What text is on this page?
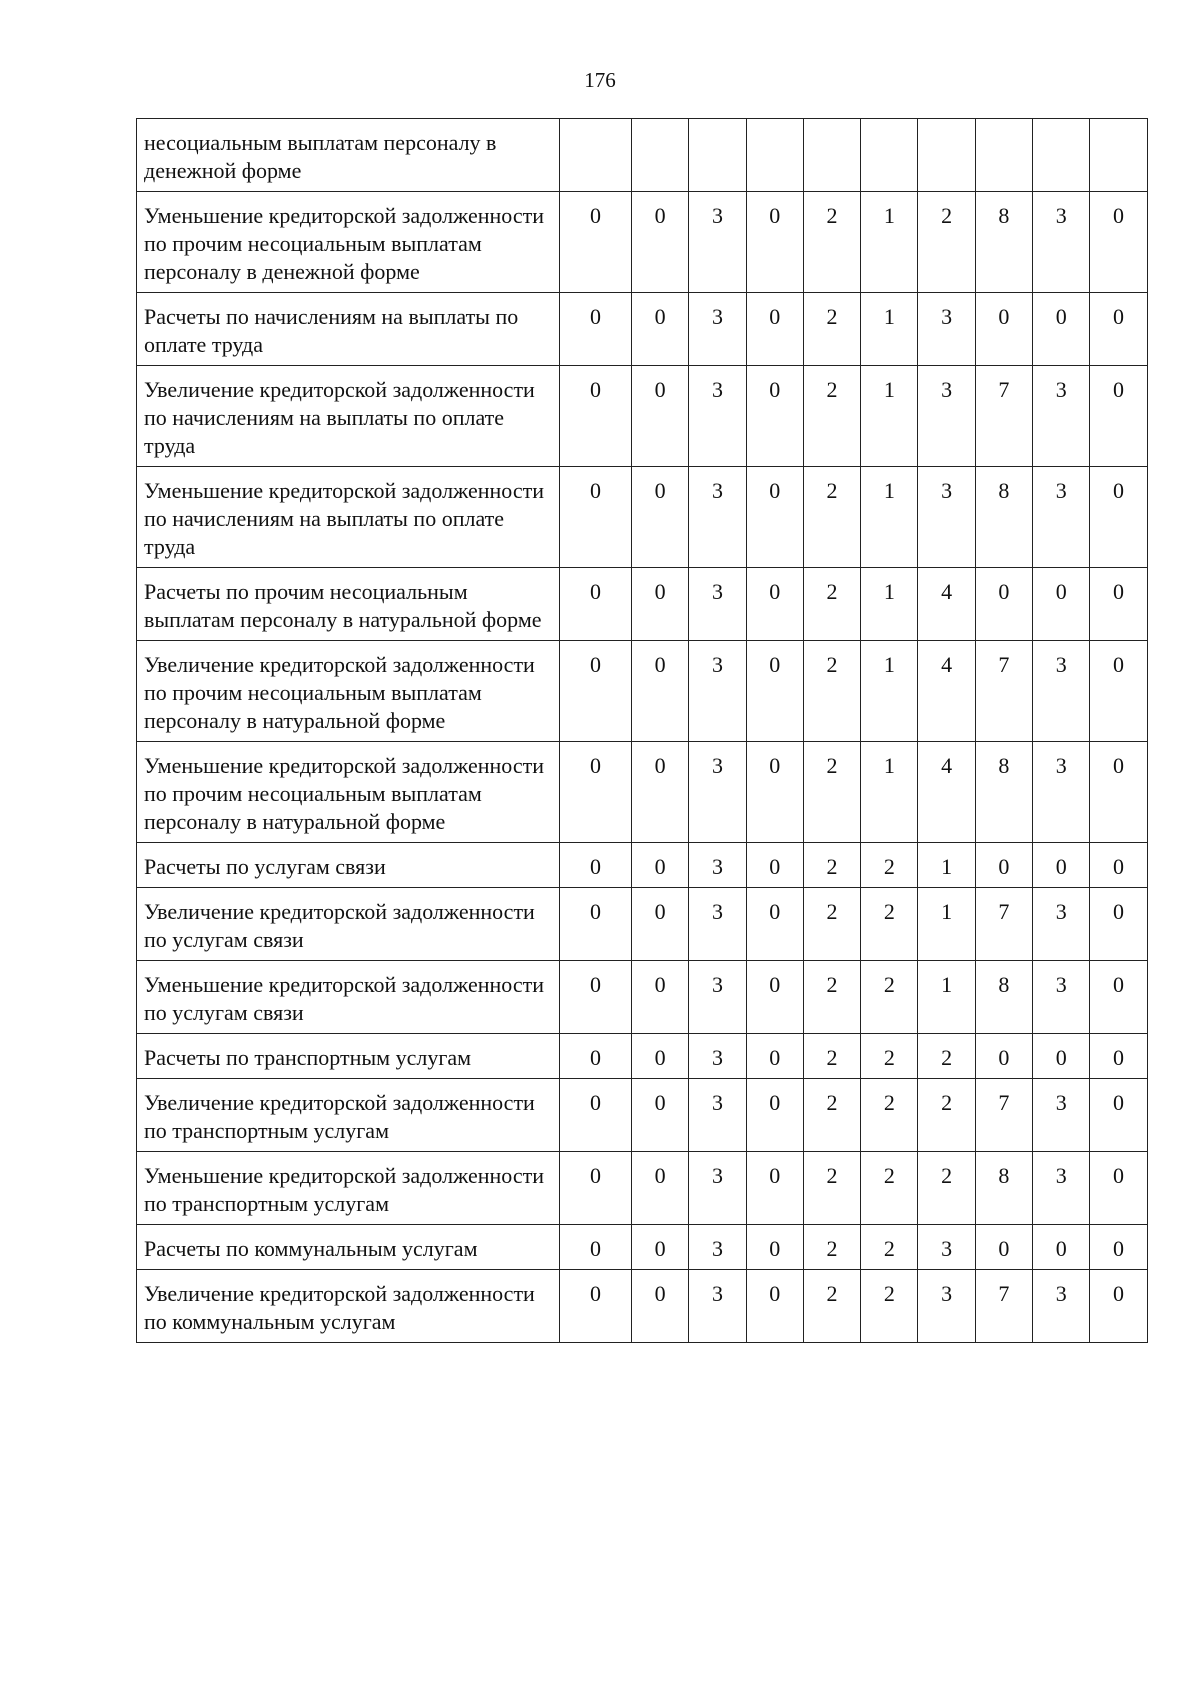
176
несоциальным выплатам персоналу в денежной форме										
Уменьшение кредиторской задолженности по прочим несоциальным выплатам персоналу в денежной форме	0	0	3	0	2	1	2	8	3	0
Расчеты по начислениям на выплаты по оплате труда	0	0	3	0	2	1	3	0	0	0
Увеличение кредиторской задолженности по начислениям на выплаты по оплате труда	0	0	3	0	2	1	3	7	3	0
Уменьшение кредиторской задолженности по начислениям на выплаты по оплате труда	0	0	3	0	2	1	3	8	3	0
Расчеты по прочим несоциальным выплатам персоналу в натуральной форме	0	0	3	0	2	1	4	0	0	0
Увеличение кредиторской задолженности по прочим несоциальным выплатам персоналу в натуральной форме	0	0	3	0	2	1	4	7	3	0
Уменьшение кредиторской задолженности по прочим несоциальным выплатам персоналу в натуральной форме	0	0	3	0	2	1	4	8	3	0
Расчеты по услугам связи	0	0	3	0	2	2	1	0	0	0
Увеличение кредиторской задолженности по услугам связи	0	0	3	0	2	2	1	7	3	0
Уменьшение кредиторской задолженности по услугам связи	0	0	3	0	2	2	1	8	3	0
Расчеты по транспортным услугам	0	0	3	0	2	2	2	0	0	0
Увеличение кредиторской задолженности по транспортным услугам	0	0	3	0	2	2	2	7	3	0
Уменьшение кредиторской задолженности по транспортным услугам	0	0	3	0	2	2	2	8	3	0
Расчеты по коммунальным услугам	0	0	3	0	2	2	3	0	0	0
Увеличение кредиторской задолженности по коммунальным услугам	0	0	3	0	2	2	3	7	3	0
